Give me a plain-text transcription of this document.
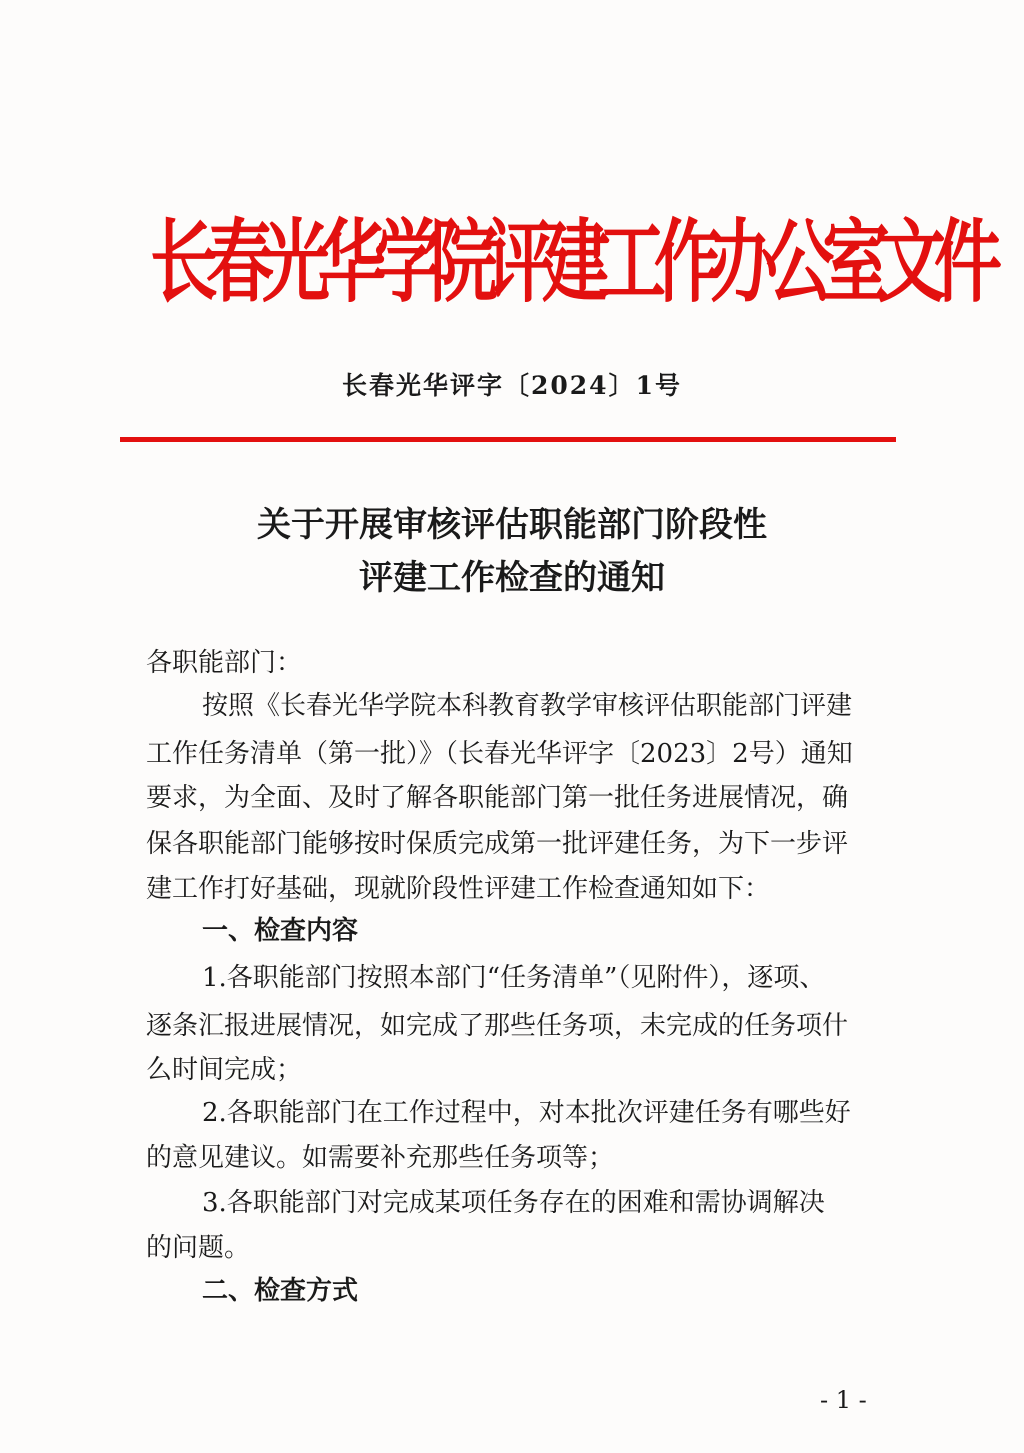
长春光华学院评建工作办公室文件
长春光华评字〔2024〕1号
关于开展审核评估职能部门阶段性
评建工作检查的通知
各职能部门：
按照《长春光华学院本科教育教学审核评估职能部门评建
工作任务清单（第一批）》（长春光华评字〔2023〕2号）通知
要求，为全面、及时了解各职能部门第一批任务进展情况，确
保各职能部门能够按时保质完成第一批评建任务，为下一步评
建工作打好基础，现就阶段性评建工作检查通知如下：
一、检查内容
1.各职能部门按照本部门“任务清单”（见附件），逐项、
逐条汇报进展情况，如完成了那些任务项，未完成的任务项什
么时间完成；
2.各职能部门在工作过程中，对本批次评建任务有哪些好
的意见建议。如需要补充那些任务项等；
3.各职能部门对完成某项任务存在的困难和需协调解决
的问题。
二、检查方式
- 1 -
